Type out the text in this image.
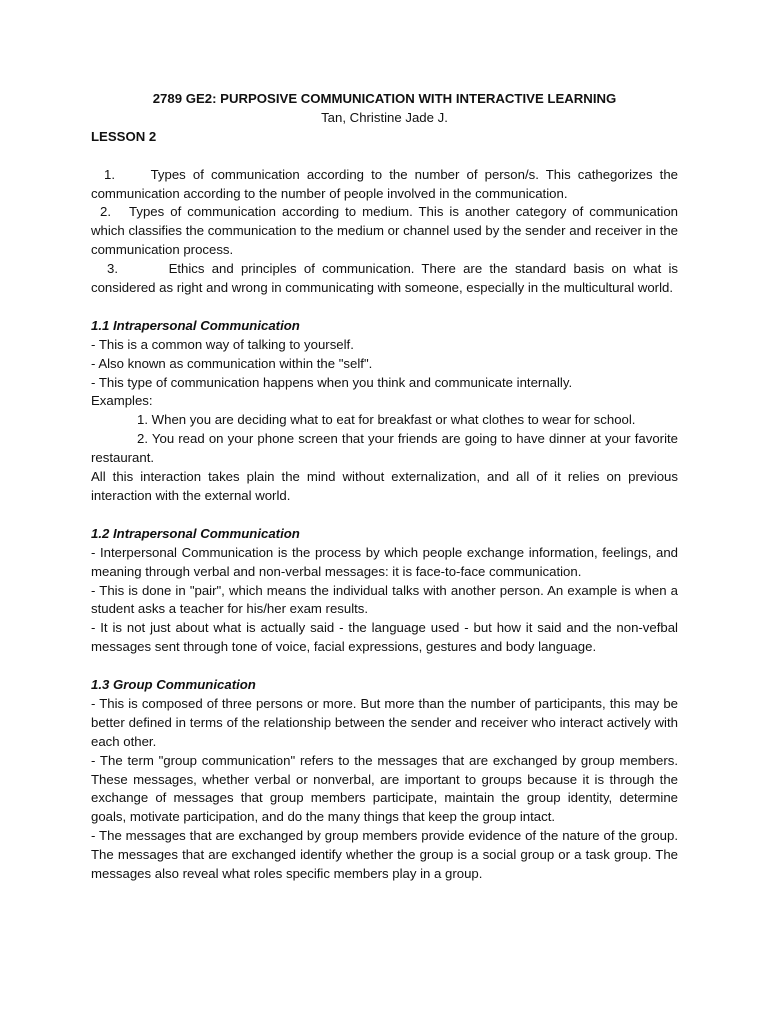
2789 GE2: PURPOSIVE COMMUNICATION WITH INTERACTIVE LEARNING

Tan, Christine Jade J.

LESSON 2

1.	Types of communication according to the number of person/s. This cathegorizes the communication according to the number of people involved in the communication.

2. Types of communication according to medium. This is another category of communication which classifies the communication to the medium or channel used by the sender and receiver in the communication process.

3.	Ethics and principles of communication. There are the standard basis on what is considered as right and wrong in communicating with someone, especially in the multicultural world.

1.1 Intrapersonal Communication

- This is a common way of talking to yourself.

- Also known as communication within the "self".

- This type of communication happens when you think and communicate internally.

Examples:

1. When you are deciding what to eat for breakfast or what clothes to wear for school.

2. You read on your phone screen that your friends are going to have dinner at your favorite restaurant.

All this interaction takes plain the mind without externalization, and all of it relies on previous interaction with the external world.

1.2 Intrapersonal Communication

- Interpersonal Communication is the process by which people exchange information, feelings, and meaning through verbal and non-verbal messages: it is face-to-face communication.

- This is done in "pair", which means the individual talks with another person. An example is when a student asks a teacher for his/her exam results.

- It is not just about what is actually said - the language used - but how it said and the non-vefbal messages sent through tone of voice, facial expressions, gestures and body language.

1.3 Group Communication

- This is composed of three persons or more. But more than the number of participants, this may be better defined in terms of the relationship between the sender and receiver who interact actively with each other.

- The term "group communication" refers to the messages that are exchanged by group members. These messages, whether verbal or nonverbal, are important to groups because it is through the exchange of messages that group members participate, maintain the group identity, determine goals, motivate participation, and do the many things that keep the group intact.

- The messages that are exchanged by group members provide evidence of the nature of the group. The messages that are exchanged identify whether the group is a social group or a task group. The messages also reveal what roles specific members play in a group.
